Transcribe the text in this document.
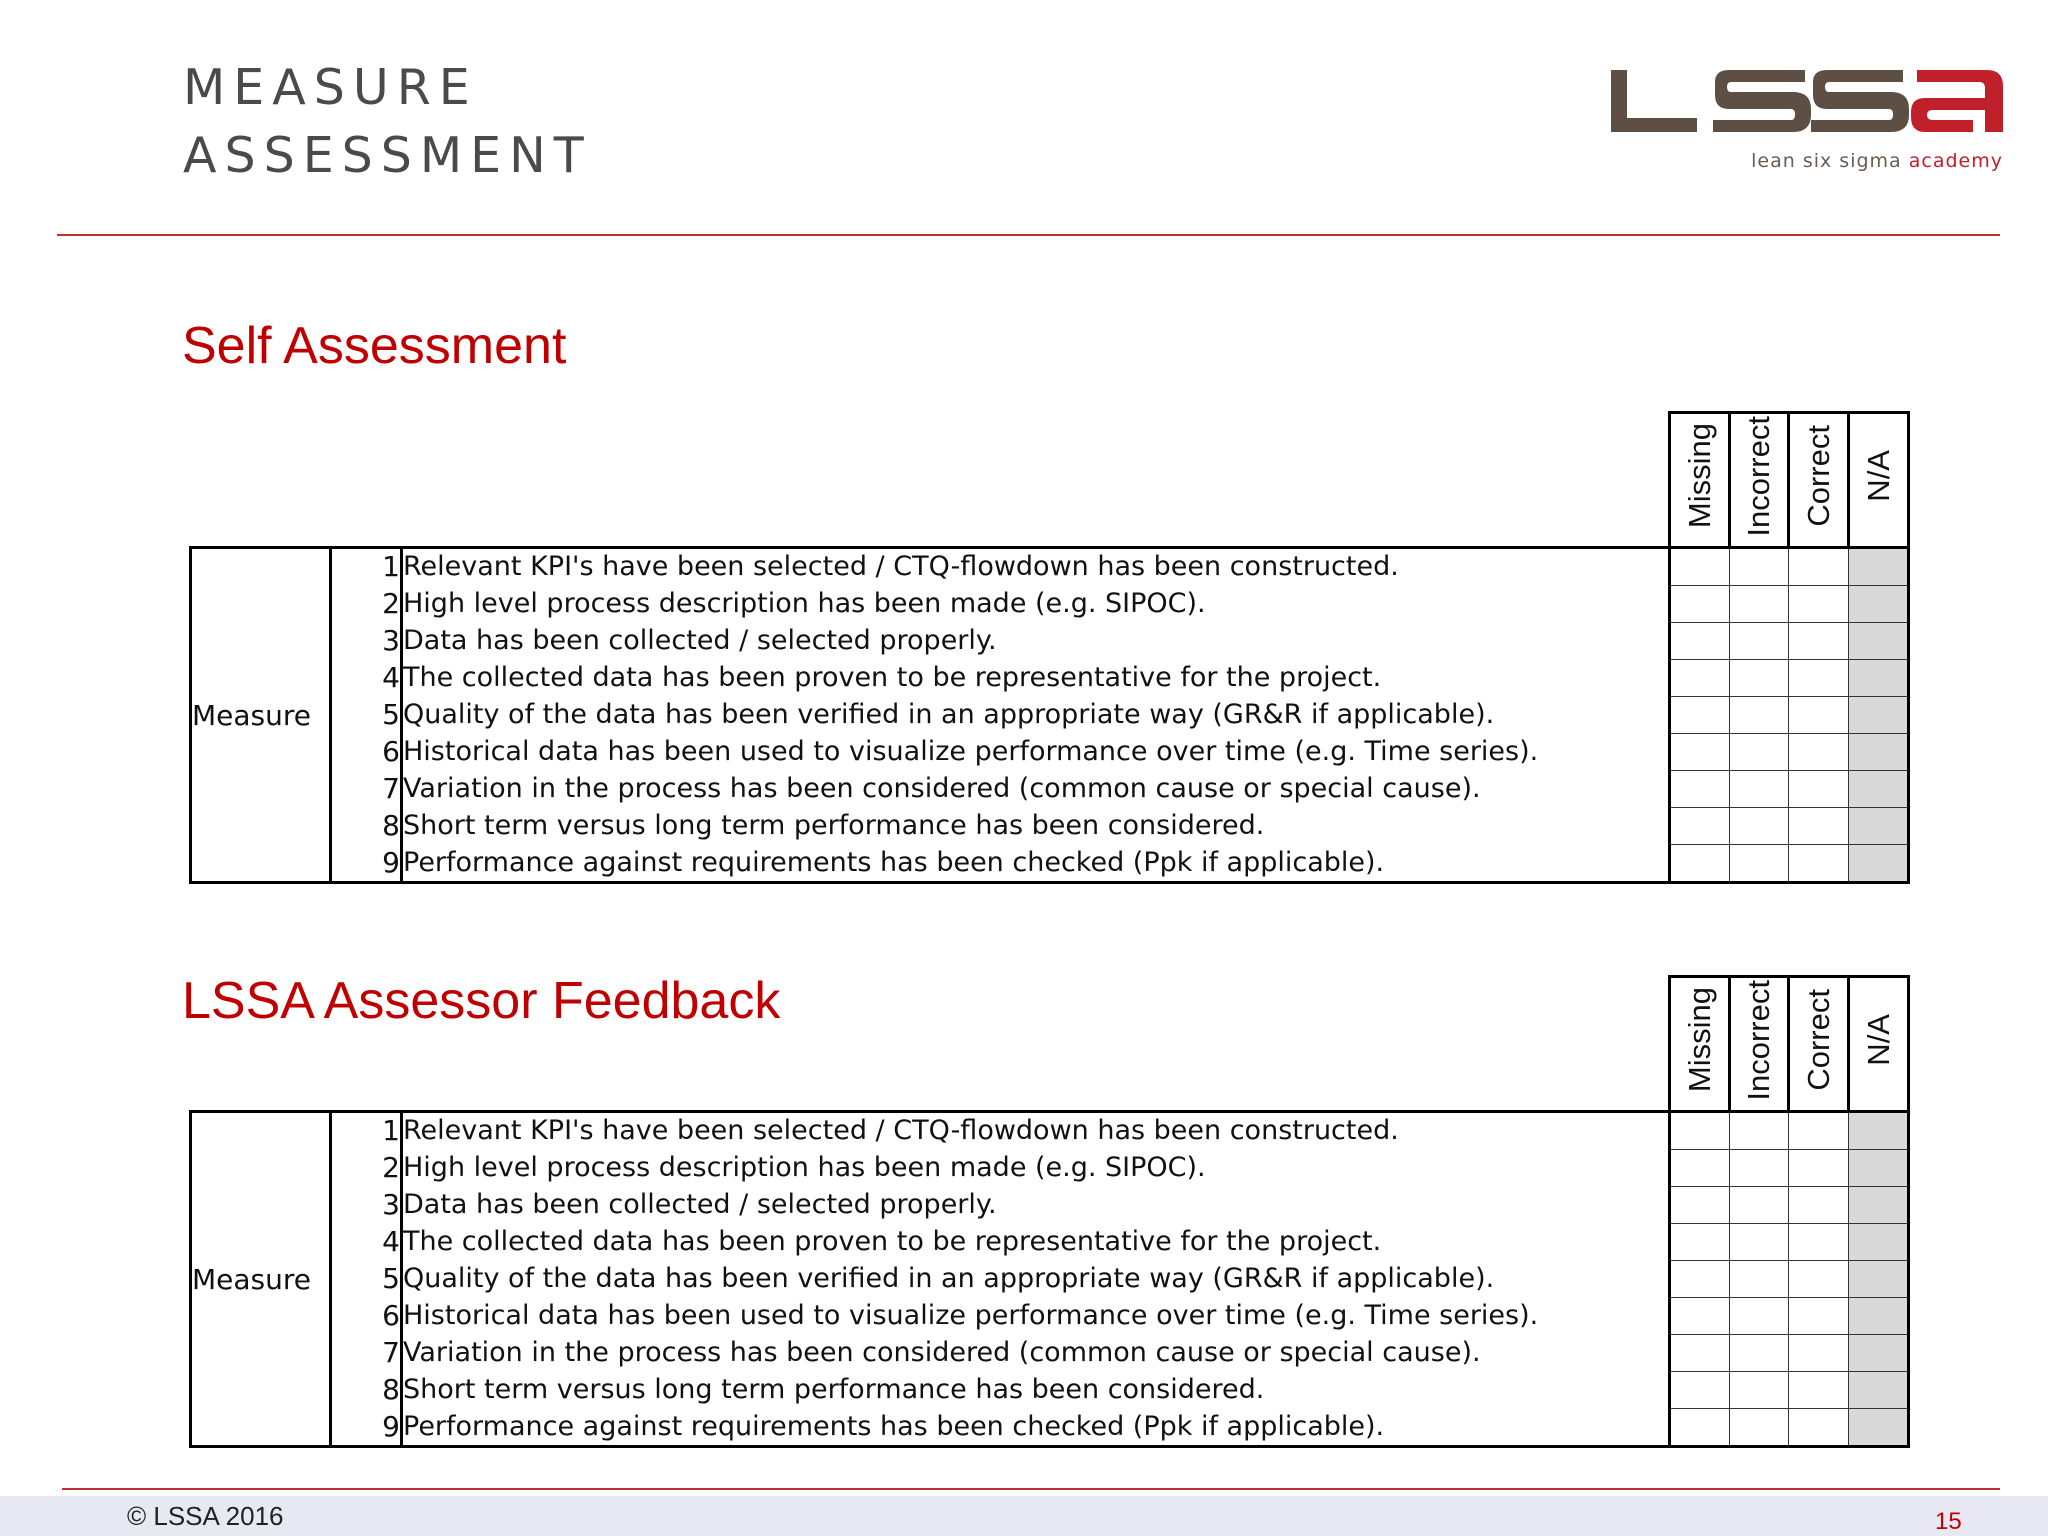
MEASURE
ASSESSMENT	lean six sigma academy
Self Assessment
			Missing	Incorrect	Correct	N/A
Measure	1	Relevant KPI's have been selected / CTQ-flowdown has been constructed.				
	2	High level process description has been made (e.g. SIPOC).				
	3	Data has been collected / selected properly.				
	4	The collected data has been proven to be representative for the project.				
	5	Quality of the data has been verified in an appropriate way (GR&R if applicable).				
	6	Historical data has been used to visualize performance over time (e.g. Time series).				
	7	Variation in the process has been considered (common cause or special cause).				
	8	Short term versus long term performance has been considered.				
	9	Performance against requirements has been checked (Ppk if applicable).				
LSSA Assessor Feedback
			Missing	Incorrect	Correct	N/A
Measure	1	Relevant KPI's have been selected / CTQ-flowdown has been constructed.				
	2	High level process description has been made (e.g. SIPOC).				
	3	Data has been collected / selected properly.				
	4	The collected data has been proven to be representative for the project.				
	5	Quality of the data has been verified in an appropriate way (GR&R if applicable).				
	6	Historical data has been used to visualize performance over time (e.g. Time series).				
	7	Variation in the process has been considered (common cause or special cause).				
	8	Short term versus long term performance has been considered.				
	9	Performance against requirements has been checked (Ppk if applicable).				
© LSSA 2016	15
